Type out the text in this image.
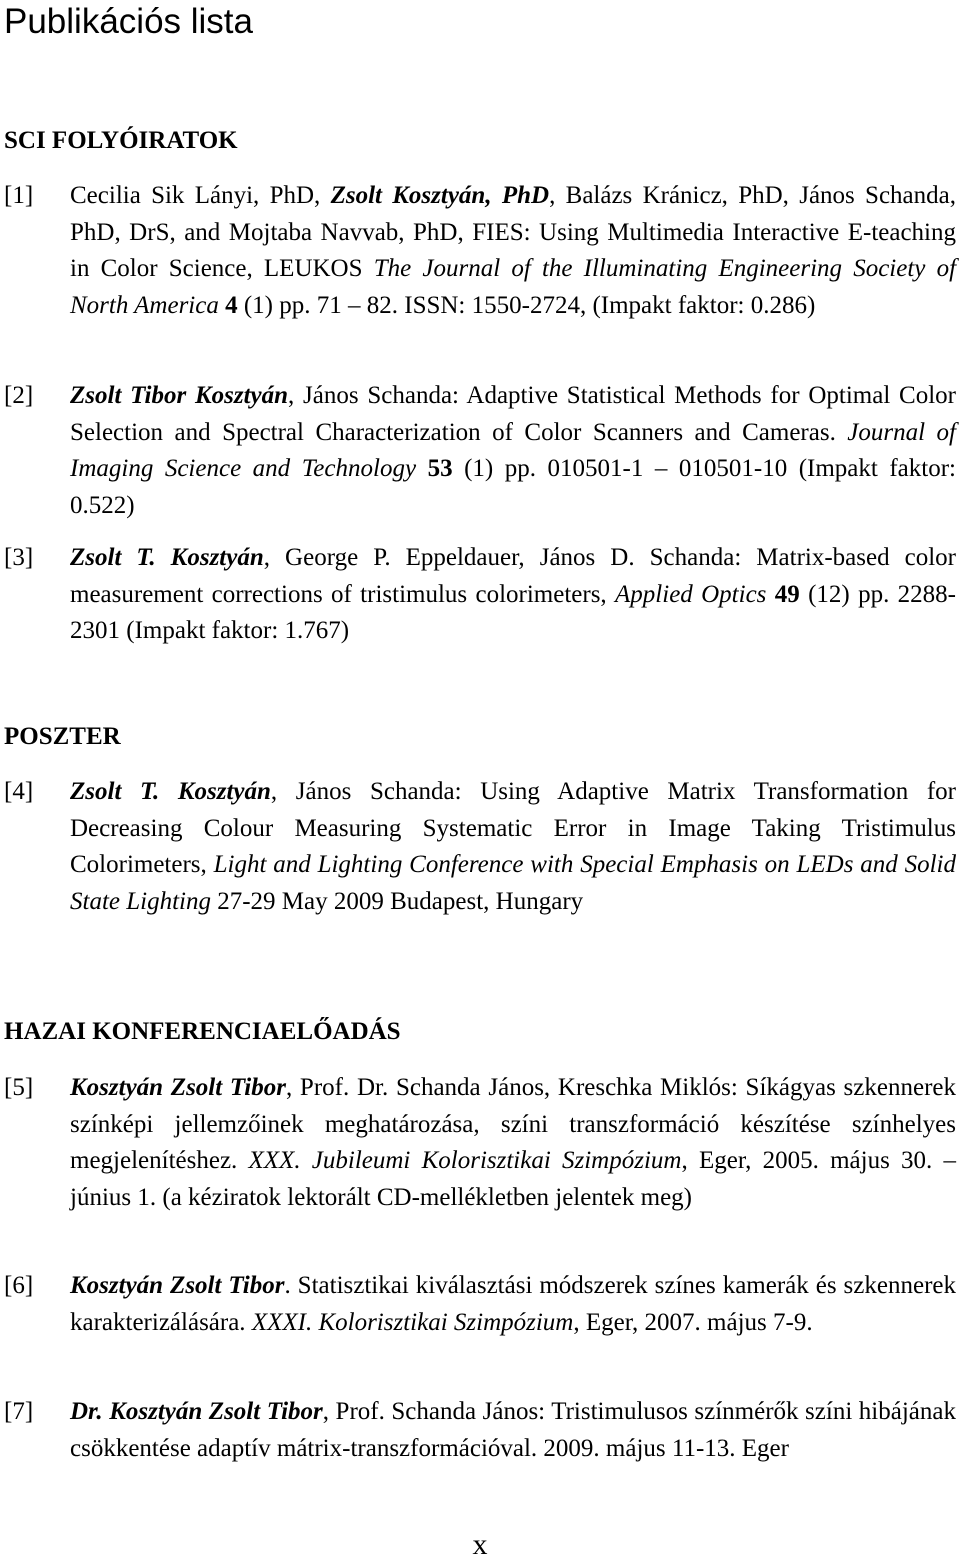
Publikációs lista
SCI FOLYÓIRATOK
[1]	Cecilia Sik Lányi, PhD, Zsolt Kosztyán, PhD, Balázs Kránicz, PhD, János Schanda, PhD, DrS, and Mojtaba Navvab, PhD, FIES: Using Multimedia Interactive E-teaching in Color Science, LEUKOS The Journal of the Illuminating Engineering Society of North America 4 (1) pp. 71 – 82. ISSN: 1550-2724, (Impakt faktor: 0.286)
[2]	Zsolt Tibor Kosztyán, János Schanda: Adaptive Statistical Methods for Optimal Color Selection and Spectral Characterization of Color Scanners and Cameras. Journal of Imaging Science and Technology 53 (1) pp. 010501-1 – 010501-10 (Impakt faktor: 0.522)
[3]	Zsolt T. Kosztyán, George P. Eppeldauer, János D. Schanda: Matrix-based color measurement corrections of tristimulus colorimeters, Applied Optics 49 (12) pp. 2288-2301 (Impakt faktor: 1.767)
POSZTER
[4]	Zsolt T. Kosztyán, János Schanda: Using Adaptive Matrix Transformation for Decreasing Colour Measuring Systematic Error in Image Taking Tristimulus Colorimeters, Light and Lighting Conference with Special Emphasis on LEDs and Solid State Lighting 27-29 May 2009 Budapest, Hungary
HAZAI KONFERENCIAELŐADÁS
[5]	Kosztyán Zsolt Tibor, Prof. Dr. Schanda János, Kreschka Miklós: Síkágyas szkennerek színképi jellemzőinek meghatározása, színi transzformáció készítése színhelyes megjelenítéshez. XXX. Jubileumi Kolorisztikai Szimpózium, Eger, 2005. május 30. – június 1. (a kéziratok lektorált CD-mellékletben jelentek meg)
[6]	Kosztyán Zsolt Tibor. Statisztikai kiválasztási módszerek színes kamerák és szkennerek karakterizálására. XXXI. Kolorisztikai Szimpózium, Eger, 2007. május 7-9.
[7]	Dr. Kosztyán Zsolt Tibor, Prof. Schanda János: Tristimulusos színmérők színi hibájának csökkentése adaptív mátrix-transzformációval. 2009. május 11-13. Eger
x
